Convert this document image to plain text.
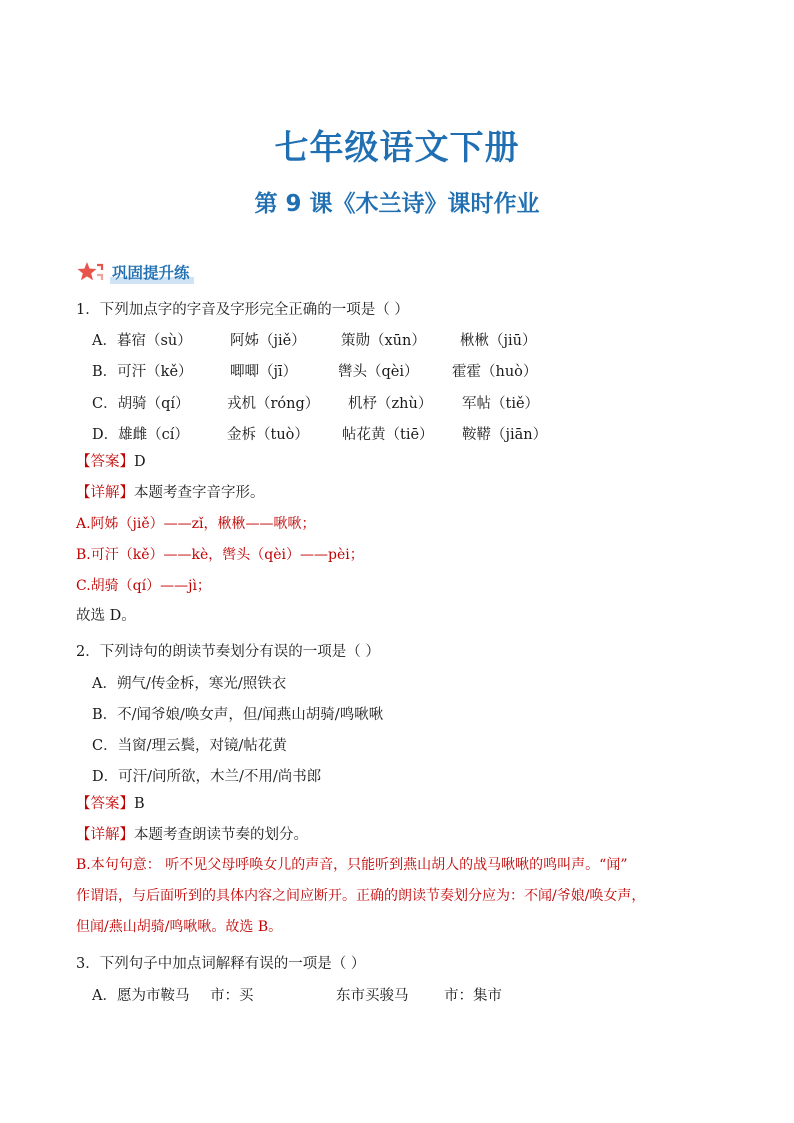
七年级语文下册
第 9 课《木兰诗》课时作业
巩固提升练
1．下列加点字的字音及字形完全正确的一项是（ ）
A．暮宿（sù）	阿姊（jiě） 策勋（xūn） 楸楸（jiū）
B．可汗（kě）	唧唧（jī）	辔头（qèi） 霍霍（huò）
C．胡骑（qí）	戎机（róng） 机杼（zhù） 军帖（tiě）
D．雄雌（cí）	金柝（tuò） 帖花黄（tiē） 鞍鞯（jiān）
【答案】D
【详解】本题考查字音字形。
A.阿姊（jiě）——zǐ，楸楸——啾啾；
B.可汗（kě）——kè，辔头（qèi）——pèi；
C.胡骑（qí）——jì；
故选 D。
2．下列诗句的朗读节奏划分有误的一项是（ ）
A．朔气/传金柝，寒光/照铁衣
B．不/闻爷娘/唤女声，但/闻燕山胡骑/鸣啾啾
C．当窗/理云鬓，对镜/帖花黄
D．可汗/问所欲，木兰/不用/尚书郎
【答案】B
【详解】本题考查朗读节奏的划分。
B.本句句意： 听不见父母呼唤女儿的声音，只能听到燕山胡人的战马啾啾的鸣叫声。“闻”
作谓语，与后面听到的具体内容之间应断开。正确的朗读节奏划分应为：不闻/爷娘/唤女声，
但闻/燕山胡骑/鸣啾啾。故选 B。
3．下列句子中加点词解释有误的一项是（ ）
A．愿为市鞍马 市：买	东市买骏马 市：集市
